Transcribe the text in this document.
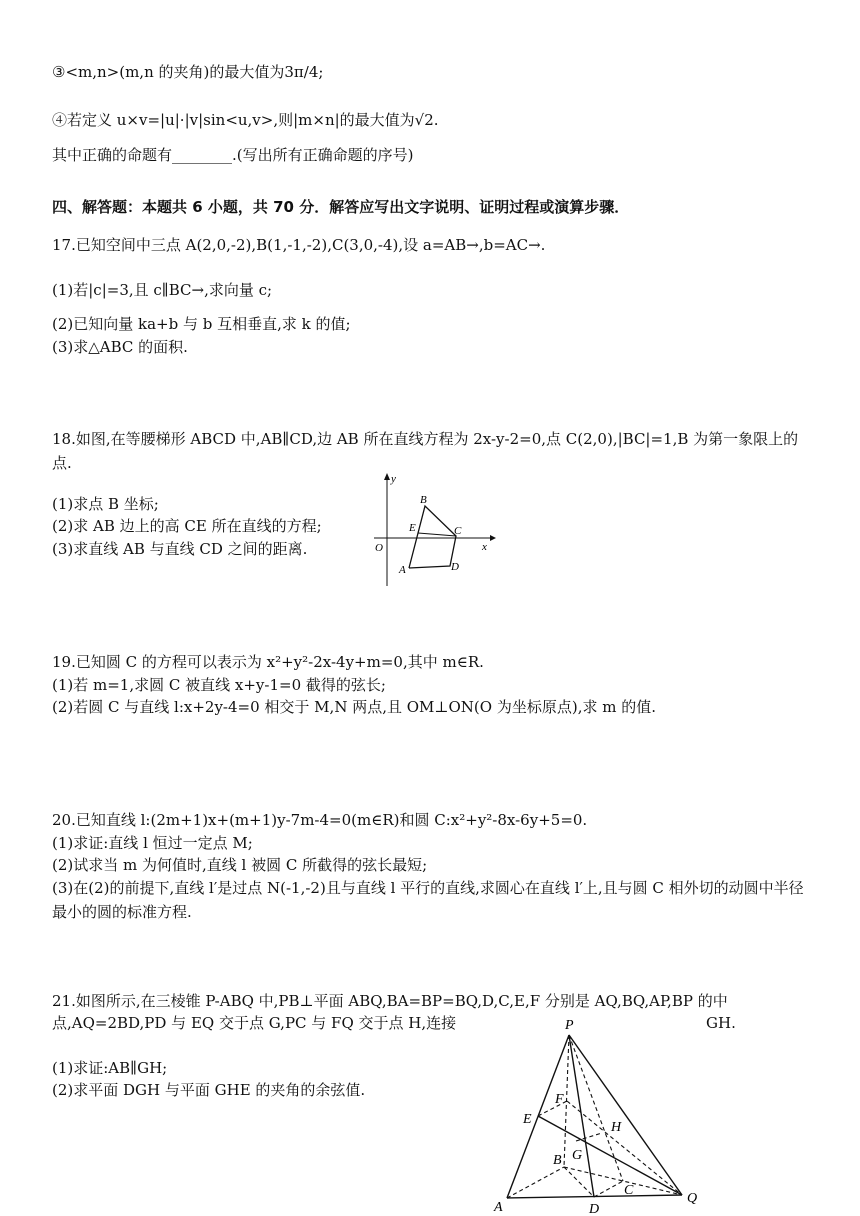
③<m,n>(m,n 的夹角)的最大值为3π/4;
④若定义 u×v=|u|·|v|sin<u,v>,则|m×n|的最大值为√2.
其中正确的命题有________.(写出所有正确命题的序号)
四、解答题：本题共 6 小题，共 70 分．解答应写出文字说明、证明过程或演算步骤．
17.已知空间中三点 A(2,0,-2),B(1,-1,-2),C(3,0,-4),设 a=AB→,b=AC→.
(1)若|c|=3,且 c∥BC→,求向量 c;
(2)已知向量 ka+b 与 b 互相垂直,求 k 的值;
(3)求△ABC 的面积.
18.如图,在等腰梯形 ABCD 中,AB∥CD,边 AB 所在直线方程为 2x-y-2=0,点 C(2,0),|BC|=1,B 为第一象限上的点.
(1)求点 B 坐标;
(2)求 AB 边上的高 CE 所在直线的方程;
(3)求直线 AB 与直线 CD 之间的距离.
y
B
E	C
O	x
A	D
19.已知圆 C 的方程可以表示为 x²+y²-2x-4y+m=0,其中 m∈R.
(1)若 m=1,求圆 C 被直线 x+y-1=0 截得的弦长;
(2)若圆 C 与直线 l:x+2y-4=0 相交于 M,N 两点,且 OM⊥ON(O 为坐标原点),求 m 的值.
20.已知直线 l:(2m+1)x+(m+1)y-7m-4=0(m∈R)和圆 C:x²+y²-8x-6y+5=0.
(1)求证:直线 l 恒过一定点 M;
(2)试求当 m 为何值时,直线 l 被圆 C 所截得的弦长最短;
(3)在(2)的前提下,直线 l′是过点 N(-1,-2)且与直线 l 平行的直线,求圆心在直线 l′上,且与圆 C 相外切的动圆中半径最小的圆的标准方程.
21.如图所示,在三棱锥 P-ABQ 中,PB⊥平面 ABQ,BA=BP=BQ,D,C,E,F 分别是 AQ,BQ,AP,BP 的中
点,AQ=2BD,PD 与 EQ 交于点 G,PC 与 FQ 交于点 H,连接	GH.
(1)求证:AB∥GH;
(2)求平面 DGH 与平面 GHE 的夹角的余弦值.
P
F
E
H
B G
C
A	D
Q
